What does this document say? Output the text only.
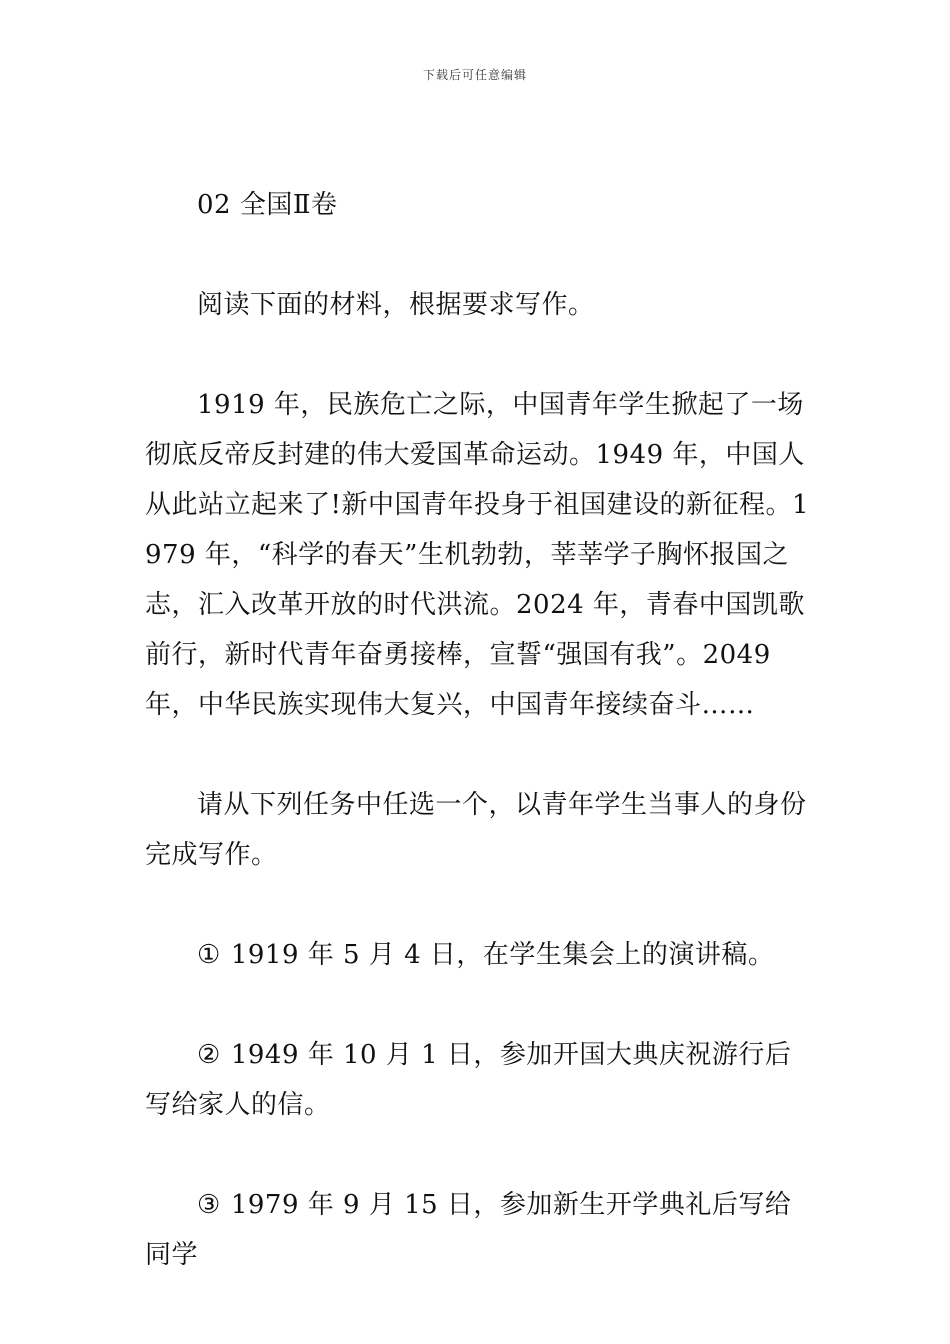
下载后可任意编辑

02 全国Ⅱ卷

阅读下面的材料，根据要求写作。

1919 年，民族危亡之际，中国青年学生掀起了一场彻底反帝反封建的伟大爱国革命运动。1949 年，中国人从此站立起来了!新中国青年投身于祖国建设的新征程。1979 年，“科学的春天”生机勃勃，莘莘学子胸怀报国之志，汇入改革开放的时代洪流。2024 年，青春中国凯歌前行，新时代青年奋勇接棒，宣誓“强国有我”。2049 年，中华民族实现伟大复兴，中国青年接续奋斗……

请从下列任务中任选一个，以青年学生当事人的身份完成写作。

① 1919 年 5 月 4 日，在学生集会上的演讲稿。
② 1949 年 10 月 1 日，参加开国大典庆祝游行后写给家人的信。
③ 1979 年 9 月 15 日，参加新生开学典礼后写给同学
